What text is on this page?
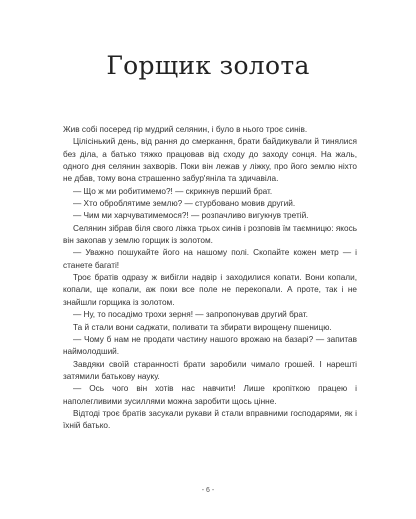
Горщик золота

Жив собі посеред гір мудрий селянин, і було в нього троє синів.

Цілісінький день, від рання до смеркання, брати байдикували й тинялися без діла, а батько тяжко працював від сходу до заходу сонця. На жаль, одного дня селянин захворів. Поки він лежав у ліжку, про його землю ніхто не дбав, тому вона страшенно забур'яніла та здичавіла.

— Що ж ми робитимемо?! — скрикнув перший брат.

— Хто оброблятиме землю? — стурбовано мовив другий.

— Чим ми харчуватимемося?! — розпачливо вигукнув третій.

Селянин зібрав біля свого ліжка трьох синів і розповів їм таємницю: якось він закопав у землю горщик із золотом.

— Уважно пошукайте його на нашому полі. Скопайте кожен метр — і станете багаті!

Троє братів одразу ж вибігли надвір і заходилися копати. Вони копали, копали, ще копали, аж поки все поле не перекопали. А проте, так і не знайшли горщика із золотом.

— Ну, то посадімо трохи зерня! — запропонував другий брат.

Та й стали вони саджати, поливати та збирати вирощену пшеницю.

— Чому б нам не продати частину нашого врожаю на базарі? — запитав наймолодший.

Завдяки своїй старанності брати заробили чимало грошей. І нарешті затямили батькову науку.

— Ось чого він хотів нас навчити! Лише кропіткою працею і наполегливими зусиллями можна заробити щось цінне.

Відтоді троє братів засукали рукави й стали вправними господарями, як і їхній батько.

- 6 -
